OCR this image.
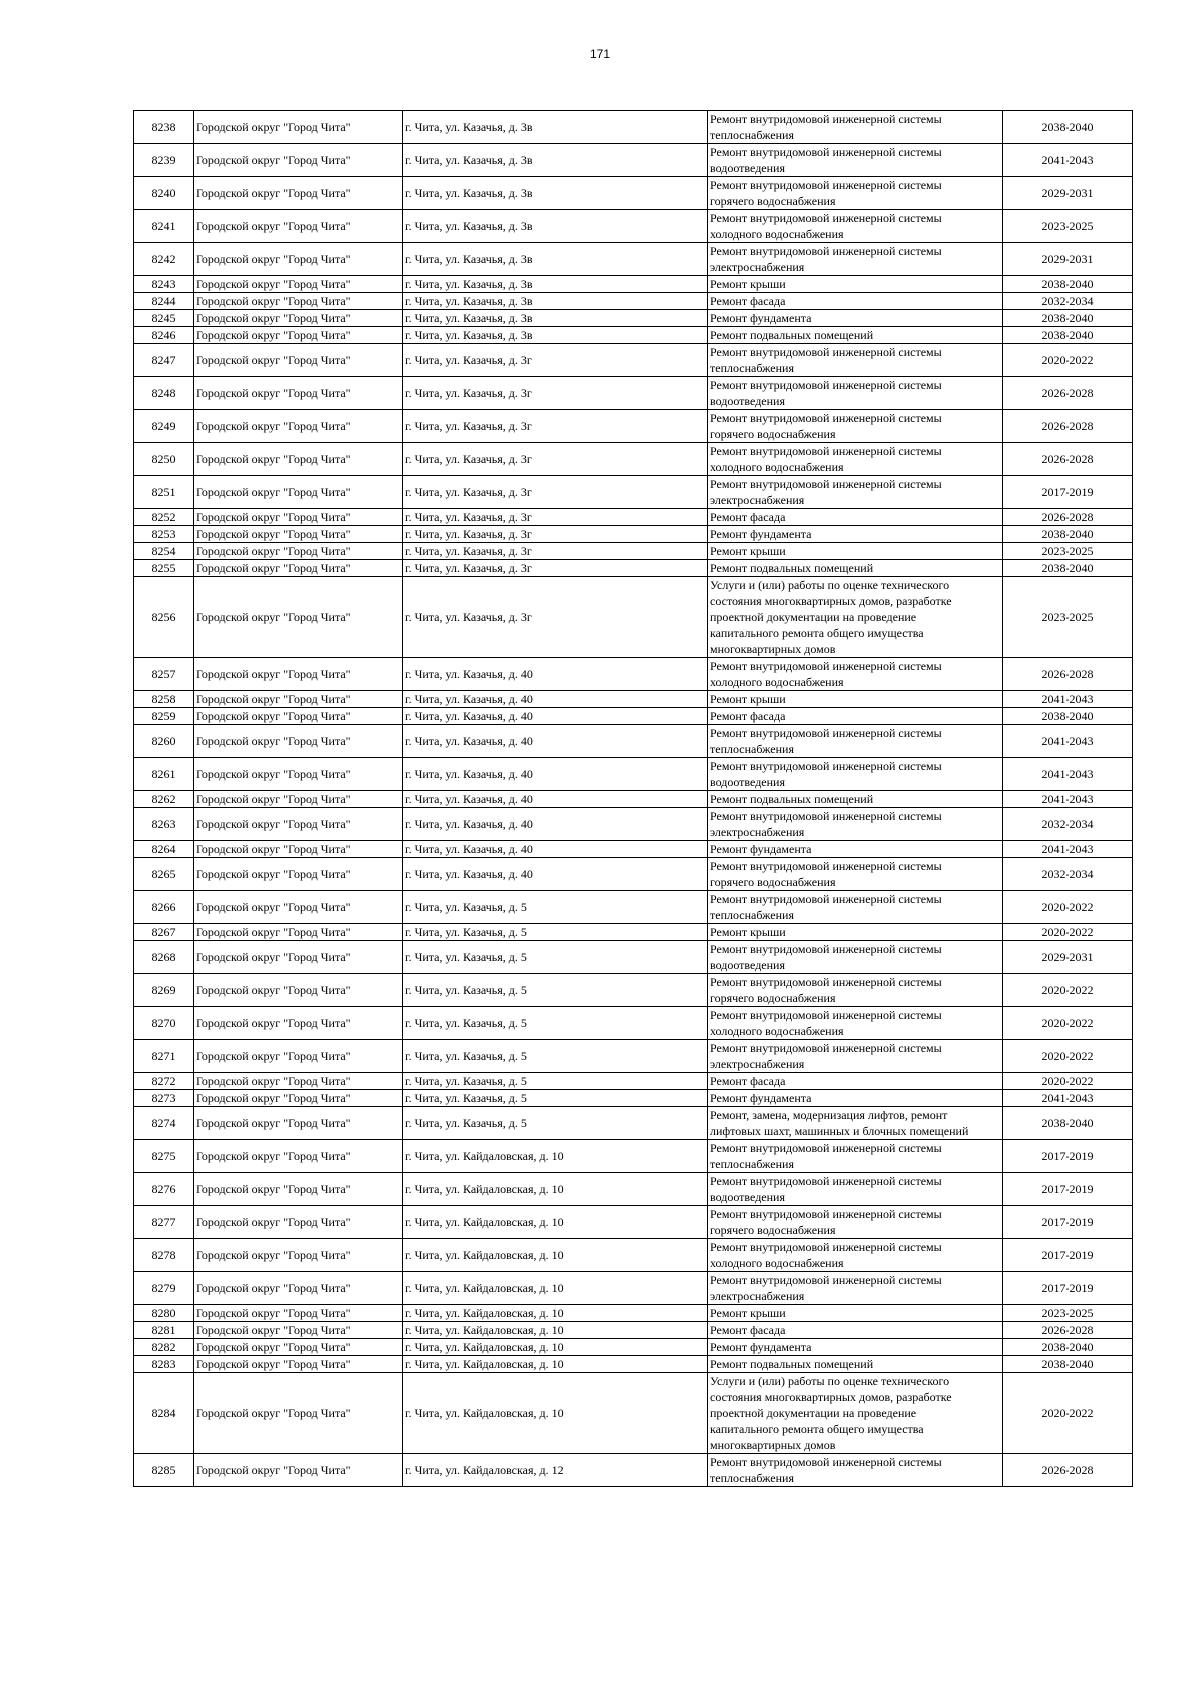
171
8238	Городской округ "Город Чита"	г. Чита, ул. Казачья, д. 3в	Ремонт внутридомовой инженерной системы
теплоснабжения	2038-2040
8239	Городской округ "Город Чита"	г. Чита, ул. Казачья, д. 3в	Ремонт внутридомовой инженерной системы
водоотведения	2041-2043
8240	Городской округ "Город Чита"	г. Чита, ул. Казачья, д. 3в	Ремонт внутридомовой инженерной системы
горячего водоснабжения	2029-2031
8241	Городской округ "Город Чита"	г. Чита, ул. Казачья, д. 3в	Ремонт внутридомовой инженерной системы
холодного водоснабжения	2023-2025
8242	Городской округ "Город Чита"	г. Чита, ул. Казачья, д. 3в	Ремонт внутридомовой инженерной системы
электроснабжения	2029-2031
8243	Городской округ "Город Чита"	г. Чита, ул. Казачья, д. 3в	Ремонт крыши	2038-2040
8244	Городской округ "Город Чита"	г. Чита, ул. Казачья, д. 3в	Ремонт фасада	2032-2034
8245	Городской округ "Город Чита"	г. Чита, ул. Казачья, д. 3в	Ремонт фундамента	2038-2040
8246	Городской округ "Город Чита"	г. Чита, ул. Казачья, д. 3в	Ремонт подвальных помещений	2038-2040
8247	Городской округ "Город Чита"	г. Чита, ул. Казачья, д. 3г	Ремонт внутридомовой инженерной системы
теплоснабжения	2020-2022
8248	Городской округ "Город Чита"	г. Чита, ул. Казачья, д. 3г	Ремонт внутридомовой инженерной системы
водоотведения	2026-2028
8249	Городской округ "Город Чита"	г. Чита, ул. Казачья, д. 3г	Ремонт внутридомовой инженерной системы
горячего водоснабжения	2026-2028
8250	Городской округ "Город Чита"	г. Чита, ул. Казачья, д. 3г	Ремонт внутридомовой инженерной системы
холодного водоснабжения	2026-2028
8251	Городской округ "Город Чита"	г. Чита, ул. Казачья, д. 3г	Ремонт внутридомовой инженерной системы
электроснабжения	2017-2019
8252	Городской округ "Город Чита"	г. Чита, ул. Казачья, д. 3г	Ремонт фасада	2026-2028
8253	Городской округ "Город Чита"	г. Чита, ул. Казачья, д. 3г	Ремонт фундамента	2038-2040
8254	Городской округ "Город Чита"	г. Чита, ул. Казачья, д. 3г	Ремонт крыши	2023-2025
8255	Городской округ "Город Чита"	г. Чита, ул. Казачья, д. 3г	Ремонт подвальных помещений	2038-2040
8256	Городской округ "Город Чита"	г. Чита, ул. Казачья, д. 3г	Услуги и (или) работы по оценке технического
состояния многоквартирных домов, разработке
проектной документации на проведение
капитального ремонта общего имущества
многоквартирных домов	2023-2025
8257	Городской округ "Город Чита"	г. Чита, ул. Казачья, д. 40	Ремонт внутридомовой инженерной системы
холодного водоснабжения	2026-2028
8258	Городской округ "Город Чита"	г. Чита, ул. Казачья, д. 40	Ремонт крыши	2041-2043
8259	Городской округ "Город Чита"	г. Чита, ул. Казачья, д. 40	Ремонт фасада	2038-2040
8260	Городской округ "Город Чита"	г. Чита, ул. Казачья, д. 40	Ремонт внутридомовой инженерной системы
теплоснабжения	2041-2043
8261	Городской округ "Город Чита"	г. Чита, ул. Казачья, д. 40	Ремонт внутридомовой инженерной системы
водоотведения	2041-2043
8262	Городской округ "Город Чита"	г. Чита, ул. Казачья, д. 40	Ремонт подвальных помещений	2041-2043
8263	Городской округ "Город Чита"	г. Чита, ул. Казачья, д. 40	Ремонт внутридомовой инженерной системы
электроснабжения	2032-2034
8264	Городской округ "Город Чита"	г. Чита, ул. Казачья, д. 40	Ремонт фундамента	2041-2043
8265	Городской округ "Город Чита"	г. Чита, ул. Казачья, д. 40	Ремонт внутридомовой инженерной системы
горячего водоснабжения	2032-2034
8266	Городской округ "Город Чита"	г. Чита, ул. Казачья, д. 5	Ремонт внутридомовой инженерной системы
теплоснабжения	2020-2022
8267	Городской округ "Город Чита"	г. Чита, ул. Казачья, д. 5	Ремонт крыши	2020-2022
8268	Городской округ "Город Чита"	г. Чита, ул. Казачья, д. 5	Ремонт внутридомовой инженерной системы
водоотведения	2029-2031
8269	Городской округ "Город Чита"	г. Чита, ул. Казачья, д. 5	Ремонт внутридомовой инженерной системы
горячего водоснабжения	2020-2022
8270	Городской округ "Город Чита"	г. Чита, ул. Казачья, д. 5	Ремонт внутридомовой инженерной системы
холодного водоснабжения	2020-2022
8271	Городской округ "Город Чита"	г. Чита, ул. Казачья, д. 5	Ремонт внутридомовой инженерной системы
электроснабжения	2020-2022
8272	Городской округ "Город Чита"	г. Чита, ул. Казачья, д. 5	Ремонт фасада	2020-2022
8273	Городской округ "Город Чита"	г. Чита, ул. Казачья, д. 5	Ремонт фундамента	2041-2043
8274	Городской округ "Город Чита"	г. Чита, ул. Казачья, д. 5	Ремонт, замена, модернизация лифтов, ремонт
лифтовых шахт, машинных и блочных помещений	2038-2040
8275	Городской округ "Город Чита"	г. Чита, ул. Кайдаловская, д. 10	Ремонт внутридомовой инженерной системы
теплоснабжения	2017-2019
8276	Городской округ "Город Чита"	г. Чита, ул. Кайдаловская, д. 10	Ремонт внутридомовой инженерной системы
водоотведения	2017-2019
8277	Городской округ "Город Чита"	г. Чита, ул. Кайдаловская, д. 10	Ремонт внутридомовой инженерной системы
горячего водоснабжения	2017-2019
8278	Городской округ "Город Чита"	г. Чита, ул. Кайдаловская, д. 10	Ремонт внутридомовой инженерной системы
холодного водоснабжения	2017-2019
8279	Городской округ "Город Чита"	г. Чита, ул. Кайдаловская, д. 10	Ремонт внутридомовой инженерной системы
электроснабжения	2017-2019
8280	Городской округ "Город Чита"	г. Чита, ул. Кайдаловская, д. 10	Ремонт крыши	2023-2025
8281	Городской округ "Город Чита"	г. Чита, ул. Кайдаловская, д. 10	Ремонт фасада	2026-2028
8282	Городской округ "Город Чита"	г. Чита, ул. Кайдаловская, д. 10	Ремонт фундамента	2038-2040
8283	Городской округ "Город Чита"	г. Чита, ул. Кайдаловская, д. 10	Ремонт подвальных помещений	2038-2040
8284	Городской округ "Город Чита"	г. Чита, ул. Кайдаловская, д. 10	Услуги и (или) работы по оценке технического
состояния многоквартирных домов, разработке
проектной документации на проведение
капитального ремонта общего имущества
многоквартирных домов	2020-2022
8285	Городской округ "Город Чита"	г. Чита, ул. Кайдаловская, д. 12	Ремонт внутридомовой инженерной системы
теплоснабжения	2026-2028
